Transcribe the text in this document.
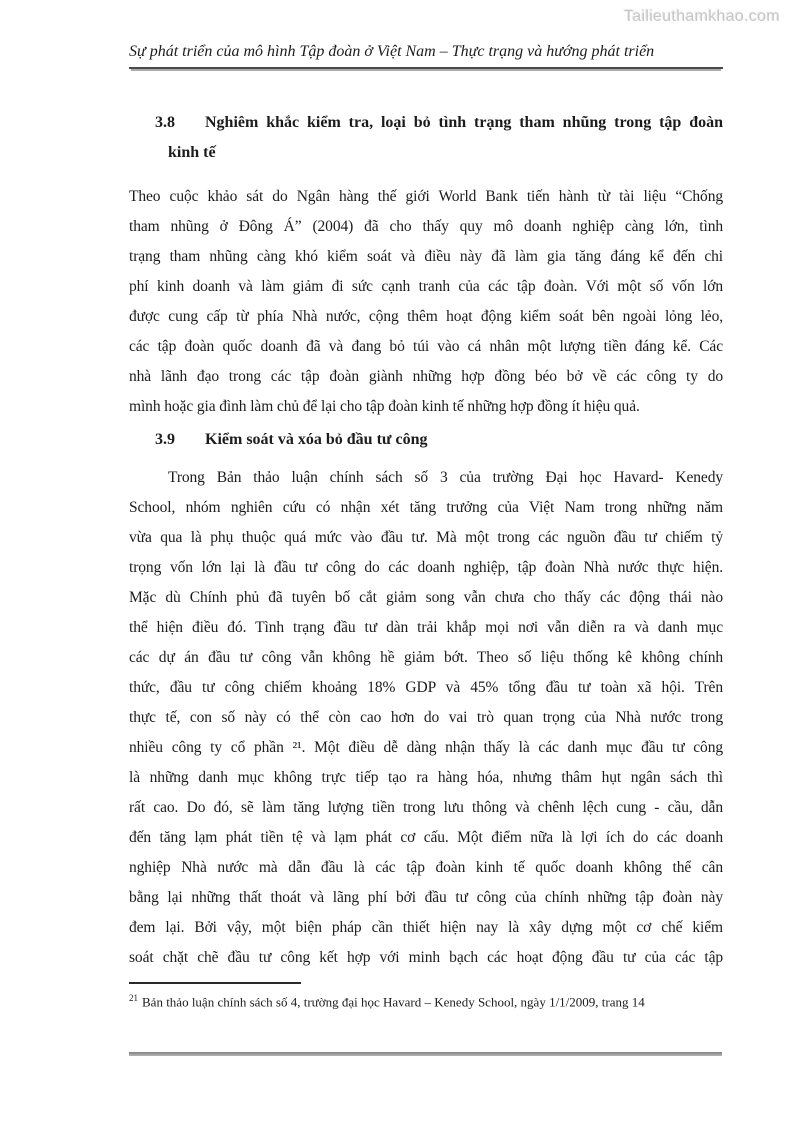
Tailieuthamkhao.com
Sự phát triển của mô hình Tập đoàn ở Việt Nam – Thực trạng và hướng phát triển
3.8 Nghiêm khắc kiểm tra, loại bỏ tình trạng tham nhũng trong tập đoàn
kinh tế
Theo cuộc khảo sát do Ngân hàng thế giới World Bank tiến hành từ tài liệu “Chống
tham nhũng ở Đông Á” (2004) đã cho thấy quy mô doanh nghiệp càng lớn, tình
trạng tham nhũng càng khó kiểm soát và điều này đã làm gia tăng đáng kể đến chi
phí kinh doanh và làm giảm đi sức cạnh tranh của các tập đoàn. Với một số vốn lớn
được cung cấp từ phía Nhà nước, cộng thêm hoạt động kiểm soát bên ngoài lỏng lẻo,
các tập đoàn quốc doanh đã và đang bỏ túi vào cá nhân một lượng tiền đáng kể. Các
nhà lãnh đạo trong các tập đoàn giành những hợp đồng béo bở về các công ty do
mình hoặc gia đình làm chủ để lại cho tập đoàn kinh tế những hợp đồng ít hiệu quả.
3.9 Kiểm soát và xóa bỏ đầu tư công
Trong Bản thảo luận chính sách số 3 của trường Đại học Havard- Kenedy
School, nhóm nghiên cứu có nhận xét tăng trưởng của Việt Nam trong những năm
vừa qua là phụ thuộc quá mức vào đầu tư. Mà một trong các nguồn đầu tư chiếm tỷ
trọng vốn lớn lại là đầu tư công do các doanh nghiệp, tập đoàn Nhà nước thực hiện.
Mặc dù Chính phủ đã tuyên bố cắt giảm song vẫn chưa cho thấy các động thái nào
thể hiện điều đó. Tình trạng đầu tư dàn trải khắp mọi nơi vẫn diễn ra và danh mục
các dự án đầu tư công vẫn không hề giảm bớt. Theo số liệu thống kê không chính
thức, đầu tư công chiếm khoảng 18% GDP và 45% tổng đầu tư toàn xã hội. Trên
thực tế, con số này có thể còn cao hơn do vai trò quan trọng của Nhà nước trong
nhiều công ty cổ phần ²¹. Một điều dễ dàng nhận thấy là các danh mục đầu tư công
là những danh mục không trực tiếp tạo ra hàng hóa, nhưng thâm hụt ngân sách thì
rất cao. Do đó, sẽ làm tăng lượng tiền trong lưu thông và chênh lệch cung - cầu, dẫn
đến tăng lạm phát tiền tệ và lạm phát cơ cấu. Một điểm nữa là lợi ích do các doanh
nghiệp Nhà nước mà dẫn đầu là các tập đoàn kinh tế quốc doanh không thể cân
bằng lại những thất thoát và lãng phí bởi đầu tư công của chính những tập đoàn này
đem lại. Bởi vậy, một biện pháp cần thiết hiện nay là xây dựng một cơ chế kiểm
soát chặt chẽ đầu tư công kết hợp với minh bạch các hoạt động đầu tư của các tập
$^{21}$ Bản thảo luận chính sách số 4, trường đại học Havard – Kenedy School, ngày 1/1/2009, trang 14
